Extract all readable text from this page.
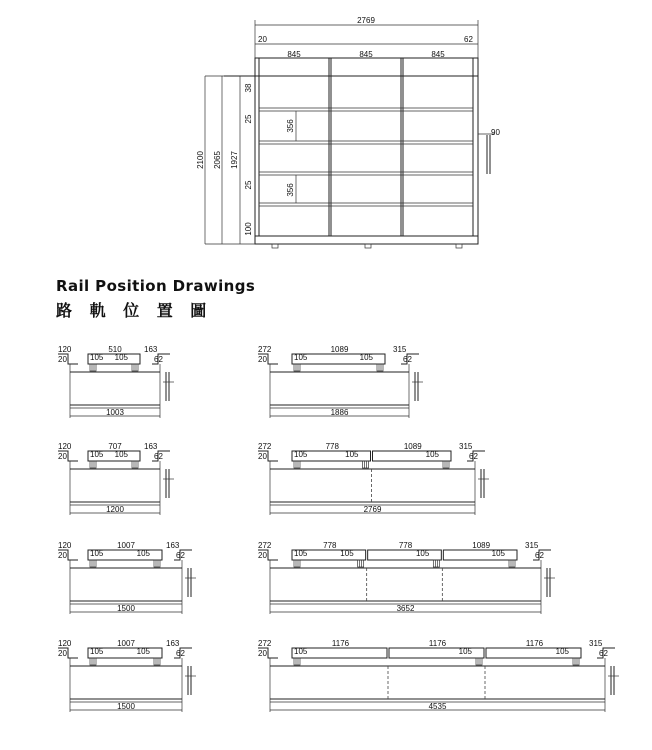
2769
20	62
845	845	845
2100 2065 1927
38
25
25
100
356
356
90
Rail Position Drawings
路 軌 位 置 圖
120	163
20	62
1003
510
105 105
272	315
20	62
1886
1089
105	105
120	163
20	62
1200
707
105 105
272	315
20	62
2769
778
105	105
1089
105
120	163
20	62
1500
1007
105	105
272	315
20	62
3652
778
105	105
778
105
1089
105
120	163
20	62
1500
1007
105	105
272	315
20	62
4535
1176
105
1176
105
1176
105
